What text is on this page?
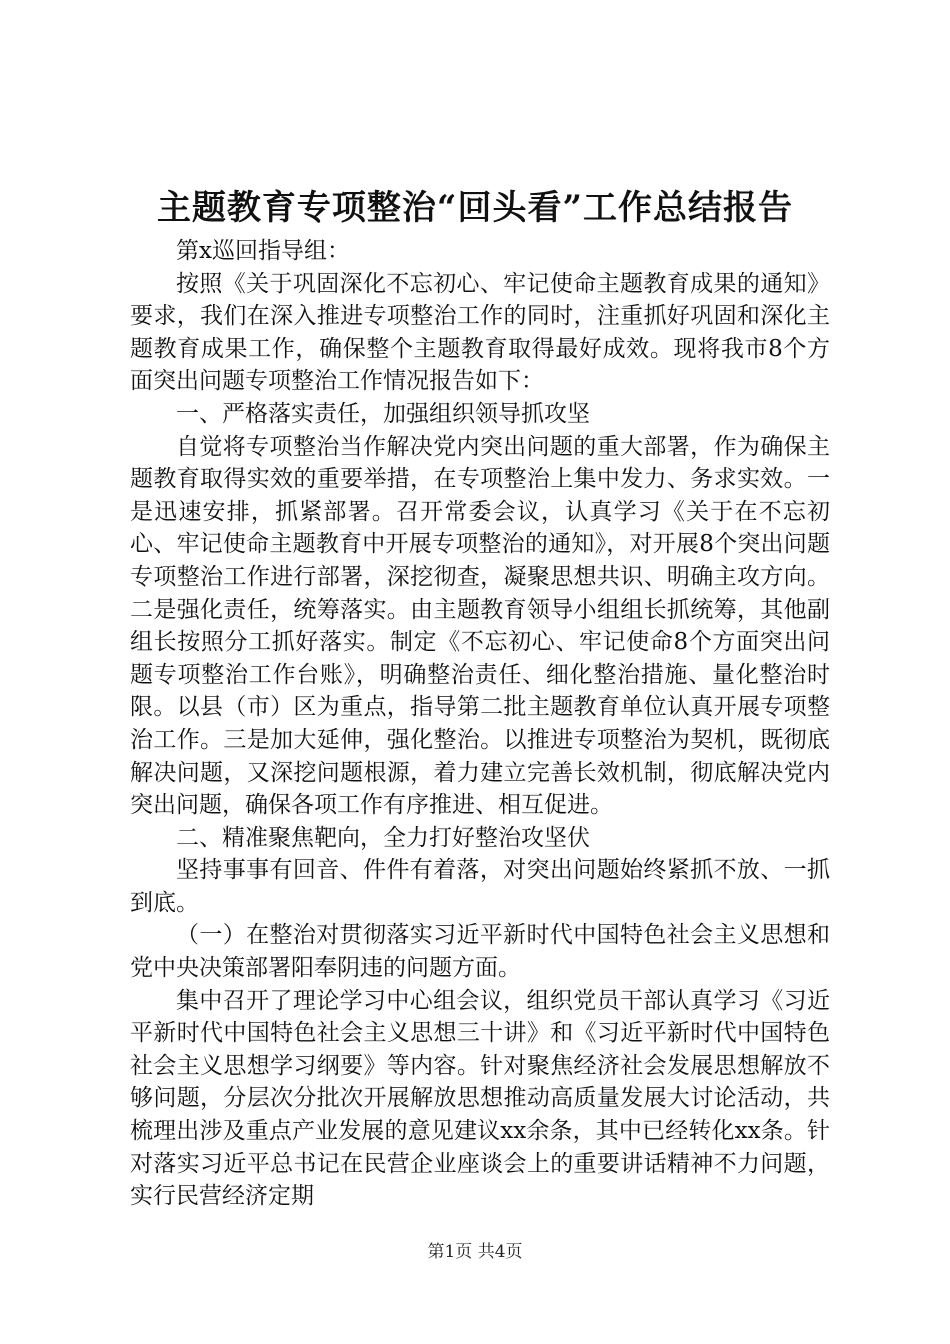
主题教育专项整治“回头看”工作总结报告

第x巡回指导组：

按照《关于巩固深化不忘初心、牢记使命主题教育成果的通知》要求，我们在深入推进专项整治工作的同时，注重抓好巩固和深化主题教育成果工作，确保整个主题教育取得最好成效。现将我市8个方面突出问题专项整治工作情况报告如下：

一、严格落实责任，加强组织领导抓攻坚

自觉将专项整治当作解决党内突出问题的重大部署，作为确保主题教育取得实效的重要举措，在专项整治上集中发力、务求实效。一是迅速安排，抓紧部署。召开常委会议，认真学习《关于在不忘初心、牢记使命主题教育中开展专项整治的通知》，对开展8个突出问题专项整治工作进行部署，深挖彻查，凝聚思想共识、明确主攻方向。二是强化责任，统筹落实。由主题教育领导小组组长抓统筹，其他副组长按照分工抓好落实。制定《不忘初心、牢记使命8个方面突出问题专项整治工作台账》，明确整治责任、细化整治措施、量化整治时限。以县（市）区为重点，指导第二批主题教育单位认真开展专项整治工作。三是加大延伸，强化整治。以推进专项整治为契机，既彻底解决问题，又深挖问题根源，着力建立完善长效机制，彻底解决党内突出问题，确保各项工作有序推进、相互促进。

二、精准聚焦靶向，全力打好整治攻坚伏

坚持事事有回音、件件有着落，对突出问题始终紧抓不放、一抓到底。

（一）在整治对贯彻落实习近平新时代中国特色社会主义思想和党中央决策部署阳奉阴违的问题方面。

集中召开了理论学习中心组会议，组织党员干部认真学习《习近平新时代中国特色社会主义思想三十讲》和《习近平新时代中国特色社会主义思想学习纲要》等内容。针对聚焦经济社会发展思想解放不够问题，分层次分批次开展解放思想推动高质量发展大讨论活动，共梳理出涉及重点产业发展的意见建议xx余条，其中已经转化xx条。针对落实习近平总书记在民营企业座谈会上的重要讲话精神不力问题，实行民营经济定期

第1页 共4页
